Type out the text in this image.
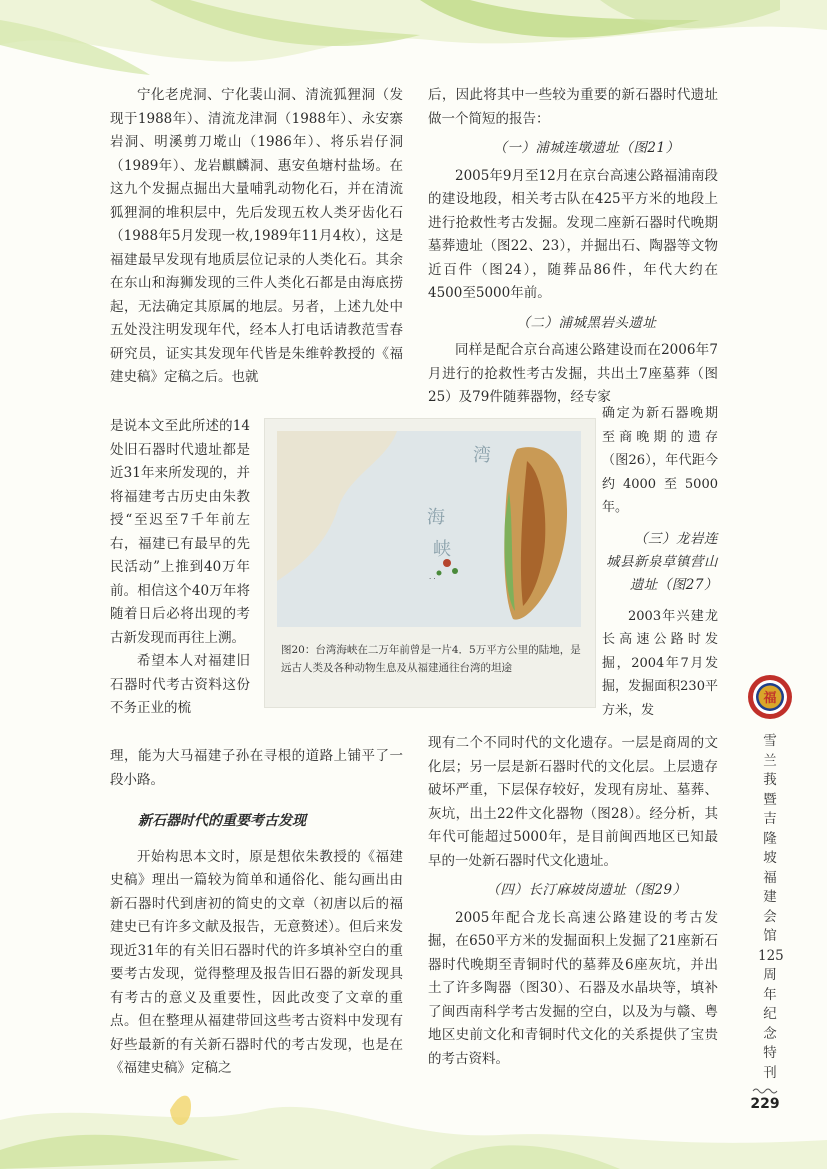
宁化老虎洞、宁化裴山洞、清流狐狸洞（发现于1988年）、清流龙津洞（1988年）、永安寨岩洞、明溪剪刀墘山（1986年）、将乐岩仔洞（1989年）、龙岩麒麟洞、惠安鱼塘村盐场。在这九个发掘点掘出大量哺乳动物化石，并在清流狐狸洞的堆积层中，先后发现五枚人类牙齿化石（1988年5月发现一枚,1989年11月4枚），这是福建最早发现有地质层位记录的人类化石。其余在东山和海狮发现的三件人类化石都是由海底捞起，无法确定其原属的地层。另者，上述九处中五处没注明发现年代，经本人打电话请教范雪春研究员，证实其发现年代皆是朱维幹教授的《福建史稿》定稿之后。也就

是说本文至此所述的14处旧石器时代遗址都是近31年来所发现的，并将福建考古历史由朱教授“至迟至7千年前左右，福建已有最早的先民活动”上推到40万年前。相信这个40万年将随着日后必将出现的考古新发现而再往上溯。

希望本人对福建旧石器时代考古资料这份不务正业的梳

理，能为大马福建子孙在寻根的道路上铺平了一段小路。

新石器时代的重要考古发现

开始构思本文时，原是想依朱教授的《福建史稿》理出一篇较为简单和通俗化、能勾画出由新石器时代到唐初的简史的文章（初唐以后的福建史已有许多文献及报告，无意赘述）。但后来发现近31年的有关旧石器时代的许多填补空白的重要考古发现，觉得整理及报告旧石器的新发现具有考古的意义及重要性，因此改变了文章的重点。但在整理从福建带回这些考古资料中发现有好些最新的有关新石器时代的考古发现，也是在《福建史稿》定稿之

后，因此将其中一些较为重要的新石器时代遗址做一个简短的报告：

（一）浦城连墩遗址（图21）

2005年9月至12月在京台高速公路福浦南段的建设地段，相关考古队在425平方米的地段上进行抢救性考古发掘。发现二座新石器时代晚期墓葬遗址（图22、23），并掘出石、陶器等文物近百件（图24），随葬品86件，年代大约在4500至5000年前。

（二）浦城黑岩头遗址

同样是配合京台高速公路建设而在2006年7月进行的抢救性考古发掘，共出土7座墓葬（图25）及79件随葬器物，经专家

确定为新石器晚期至商晚期的遗存（图26），年代距今约4000至5000年。

（三）龙岩连城县新泉草镇营山遗址（图27）

2003年兴建龙长高速公路时发掘，2004年7月发掘，发掘面积230平方米，发

现有二个不同时代的文化遗存。一层是商周的文化层；另一层是新石器时代的文化层。上层遗存破坏严重，下层保存较好，发现有房址、墓葬、灰坑，出土22件文化器物（图28）。经分析，其年代可能超过5000年，是目前闽西地区已知最早的一处新石器时代文化遗址。

（四）长汀麻坡岗遗址（图29）

2005年配合龙长高速公路建设的考古发掘，在650平方米的发掘面积上发掘了21座新石器时代晚期至青铜时代的墓葬及6座灰坑，并出土了许多陶器（图30）、石器及水晶块等，填补了闽西南科学考古发掘的空白，以及为与赣、粤地区史前文化和青铜时代文化的关系提供了宝贵的考古资料。

· ·
海
湾
峡
图20：台湾海峡在二万年前曾是一片4．5万平方公里的陆地，是远古人类及各种动物生息及从福建通往台湾的坦途
福
雪兰莪暨吉隆坡福建会馆125周年纪念特刊
229
